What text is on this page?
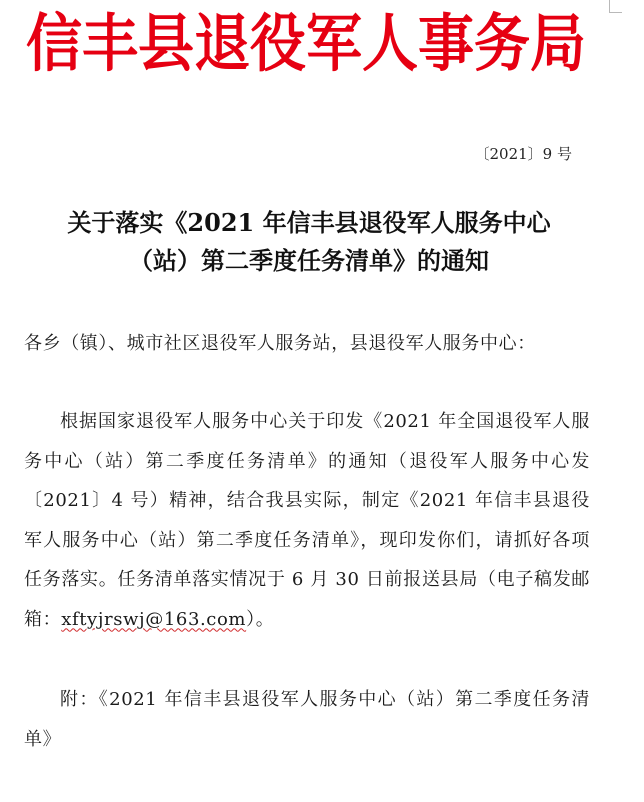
信丰县退役军人事务局
〔2021〕9 号
关于落实《2021 年信丰县退役军人服务中心
（站）第二季度任务清单》的通知
各乡（镇）、城市社区退役军人服务站，县退役军人服务中心：
根据国家退役军人服务中心关于印发《2021 年全国退役军人服务中心（站）第二季度任务清单》的通知（退役军人服务中心发〔2021〕4 号）精神，结合我县实际，制定《2021 年信丰县退役军人服务中心（站）第二季度任务清单》，现印发你们，请抓好各项任务落实。任务清单落实情况于 6 月 30 日前报送县局（电子稿发邮箱：xftyjrswj@163.com）。
附：《2021 年信丰县退役军人服务中心（站）第二季度任务清单》
